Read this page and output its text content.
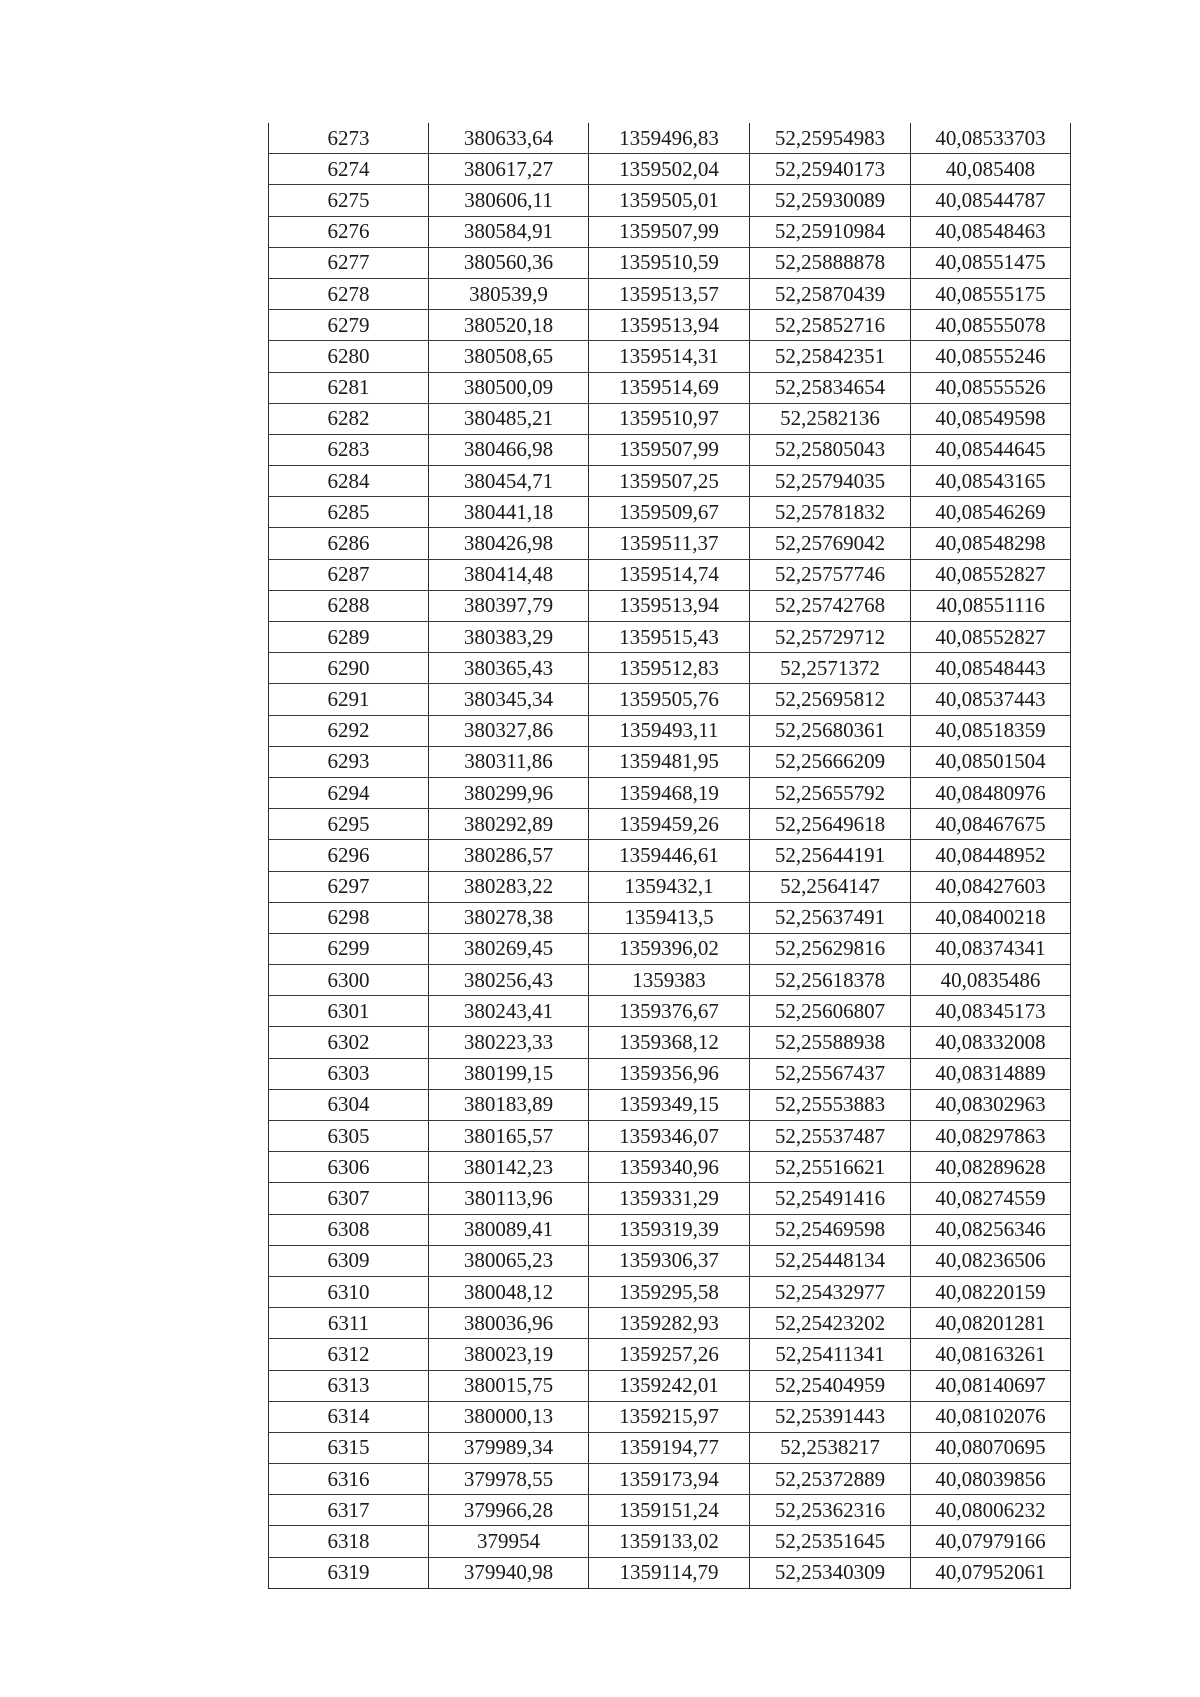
6273	380633,64	1359496,83	52,25954983	40,08533703
6274	380617,27	1359502,04	52,25940173	40,085408
6275	380606,11	1359505,01	52,25930089	40,08544787
6276	380584,91	1359507,99	52,25910984	40,08548463
6277	380560,36	1359510,59	52,25888878	40,08551475
6278	380539,9	1359513,57	52,25870439	40,08555175
6279	380520,18	1359513,94	52,25852716	40,08555078
6280	380508,65	1359514,31	52,25842351	40,08555246
6281	380500,09	1359514,69	52,25834654	40,08555526
6282	380485,21	1359510,97	52,2582136	40,08549598
6283	380466,98	1359507,99	52,25805043	40,08544645
6284	380454,71	1359507,25	52,25794035	40,08543165
6285	380441,18	1359509,67	52,25781832	40,08546269
6286	380426,98	1359511,37	52,25769042	40,08548298
6287	380414,48	1359514,74	52,25757746	40,08552827
6288	380397,79	1359513,94	52,25742768	40,08551116
6289	380383,29	1359515,43	52,25729712	40,08552827
6290	380365,43	1359512,83	52,2571372	40,08548443
6291	380345,34	1359505,76	52,25695812	40,08537443
6292	380327,86	1359493,11	52,25680361	40,08518359
6293	380311,86	1359481,95	52,25666209	40,08501504
6294	380299,96	1359468,19	52,25655792	40,08480976
6295	380292,89	1359459,26	52,25649618	40,08467675
6296	380286,57	1359446,61	52,25644191	40,08448952
6297	380283,22	1359432,1	52,2564147	40,08427603
6298	380278,38	1359413,5	52,25637491	40,08400218
6299	380269,45	1359396,02	52,25629816	40,08374341
6300	380256,43	1359383	52,25618378	40,0835486
6301	380243,41	1359376,67	52,25606807	40,08345173
6302	380223,33	1359368,12	52,25588938	40,08332008
6303	380199,15	1359356,96	52,25567437	40,08314889
6304	380183,89	1359349,15	52,25553883	40,08302963
6305	380165,57	1359346,07	52,25537487	40,08297863
6306	380142,23	1359340,96	52,25516621	40,08289628
6307	380113,96	1359331,29	52,25491416	40,08274559
6308	380089,41	1359319,39	52,25469598	40,08256346
6309	380065,23	1359306,37	52,25448134	40,08236506
6310	380048,12	1359295,58	52,25432977	40,08220159
6311	380036,96	1359282,93	52,25423202	40,08201281
6312	380023,19	1359257,26	52,25411341	40,08163261
6313	380015,75	1359242,01	52,25404959	40,08140697
6314	380000,13	1359215,97	52,25391443	40,08102076
6315	379989,34	1359194,77	52,2538217	40,08070695
6316	379978,55	1359173,94	52,25372889	40,08039856
6317	379966,28	1359151,24	52,25362316	40,08006232
6318	379954	1359133,02	52,25351645	40,07979166
6319	379940,98	1359114,79	52,25340309	40,07952061
